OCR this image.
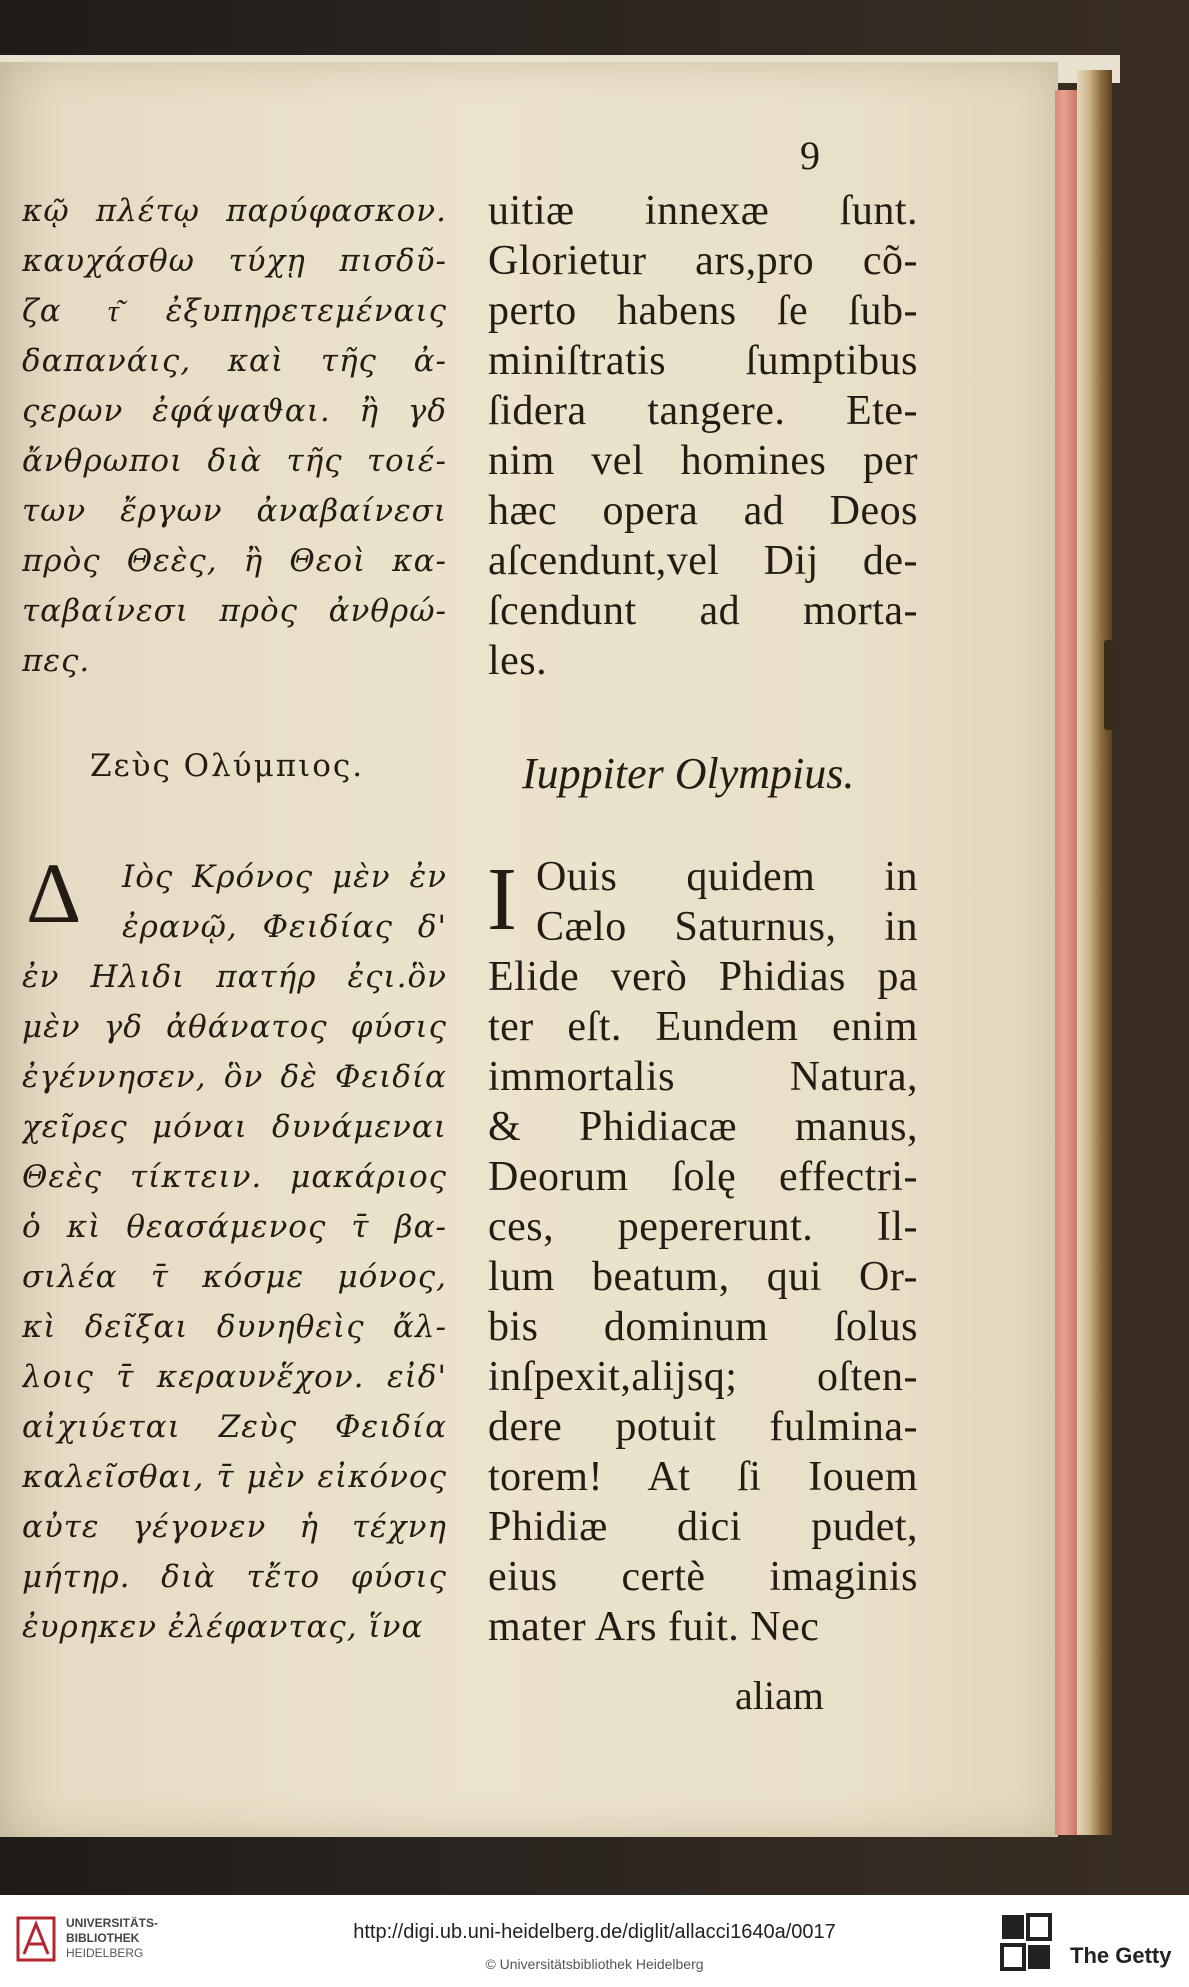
9
κῷ πλέτῳ παρύφασκον.
καυχάσθω τύχῃ πισδῦ-
ζα τ͂ ἐξυπηρετεμέναις
δαπανάις, καὶ τῆς ἀ-
ςερων ἐφάψαϑαι. ἢ γδ
ἄνθρωποι διὰ τῆς τοιέ-
των ἔργων ἀναβαίνεσι
πρὸς Θεὲς, ἢ Θεοὶ κα-
ταβαίνεσι πρὸς ἀνθρώ-
πες.
uitiæ innexæ ſunt.
Glorietur ars,pro cõ-
perto habens ſe ſub-
miniſtratis ſumptibus
ſidera tangere. Ete-
nim vel homines per
hæc opera ad Deos
aſcendunt,vel Dij de-
ſcendunt ad morta-
les.
Ζεὺς Ολύμπιος.	Iuppiter Olympius.
Δ	I
Ιὸς Κρόνος μὲν ἐν
ἐρανῷ, Φειδίας δ'
ἐν Ηλιδι πατήρ ἐςι.ὃν
μὲν γδ ἀθάνατος φύσις
ἐγέννησεν, ὃν δὲ Φειδία
χεῖρες μόναι δυνάμεναι
Θεὲς τίκτειν. μακάριος
ὁ κὶ θεασάμενος τ̄ βα-
σιλέα τ̄ κόσμε μόνος,
κὶ δεῖξαι δυνηθεὶς ἄλ-
λοις τ̄ κεραυνἕχον. εἰδ'
αἰχιύεται Ζεὺς Φειδία
καλεῖσθαι, τ̄ μὲν εἰκόνος
αὐτε γέγονεν ἡ τέχνη
μήτηρ. διὰ τἔτο φύσις
ἐυρηκεν ἐλέφαντας, ἵνα
Ouis quidem in
Cælo Saturnus, in
Elide verò Phidias pa
ter eſt. Eundem enim
immortalis Natura,
& Phidiacæ manus,
Deorum ſolę effectri-
ces, pepererunt. Il-
lum beatum, qui Or-
bis dominum ſolus
inſpexit,alijsq; oſten-
dere potuit fulmina-
torem! At ſi Iouem
Phidiæ dici pudet,
eius certè imaginis
mater Ars fuit. Nec
aliam
UNIVERSITÄTS-
BIBLIOTHEK
HEIDELBERG
http://digi.ub.uni-heidelberg.de/diglit/allacci1640a/0017
© Universitätsbibliothek Heidelberg	The Getty
